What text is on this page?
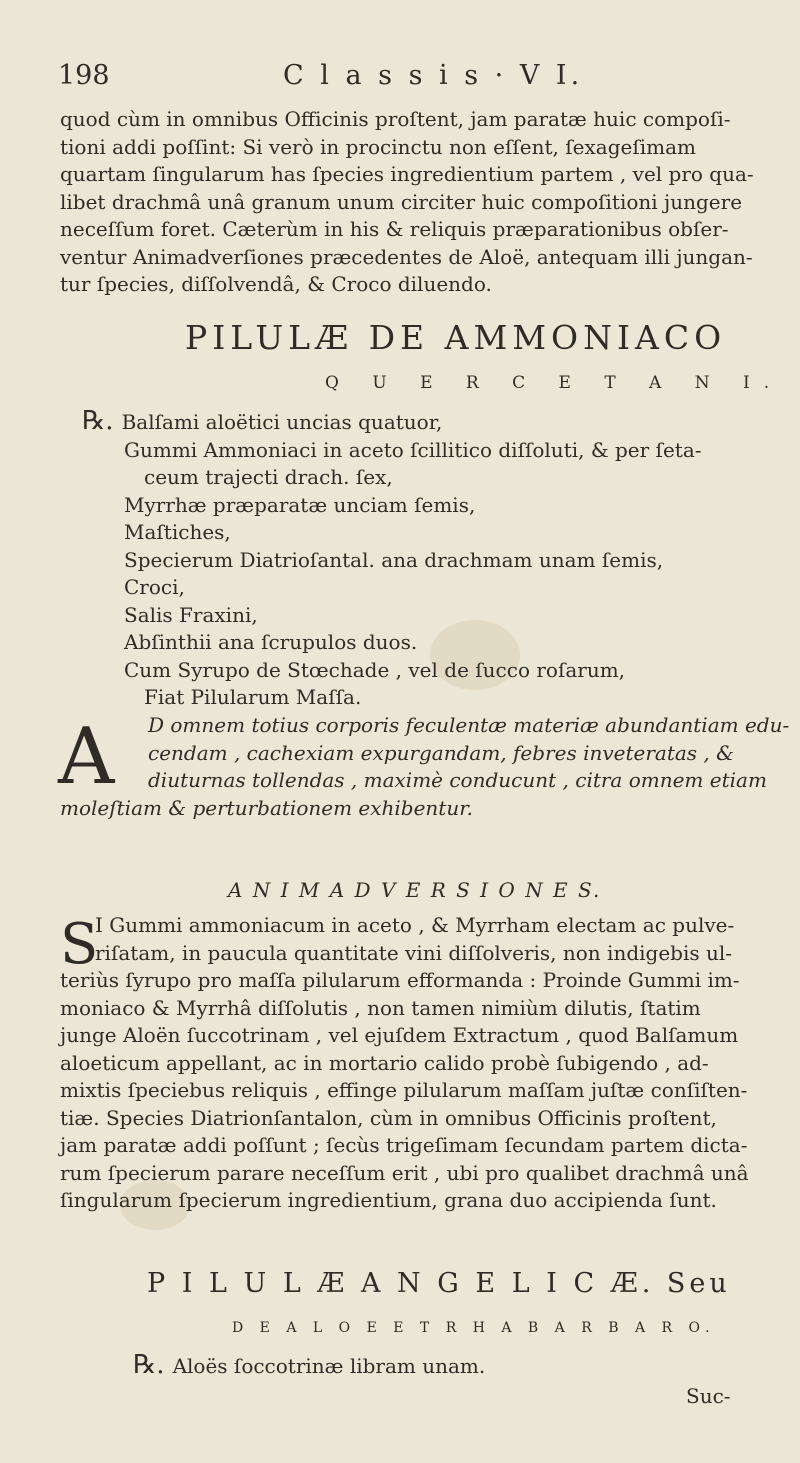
198	C l a s s i s · V I.

quod cùm in omnibus Officinis proſtent, jam paratæ huic compoſi-

tioni addi poſſint: Si verò in procinctu non eſſent, ſexageſimam

quartam ſingularum has ſpecies ingredientium partem , vel pro qua-

libet drachmâ unâ granum unum circiter huic compoſitioni jungere

neceſſum foret. Cæterùm in his & reliquis præparationibus obſer-

ventur Animadverſiones præcedentes de Aloë, antequam illi jungan-

tur ſpecies, diſſolvendâ, & Croco diluendo.

PILULÆ DE AMMONIACO
Q U E R C E T A N I.

℞. Balſami aloëtici uncias quatuor,

Gummi Ammoniaci in aceto ſcillitico diſſoluti, & per ſeta-

ceum trajecti drach. ſex,

Myrrhæ præparatæ unciam ſemis,

Maſtiches,

Specierum Diatrioſantal. ana drachmam unam ſemis,

Croci,

Salis Fraxini,

Abſinthii ana ſcrupulos duos.

Cum Syrupo de Stœchade , vel de ſucco roſarum,

Fiat Pilularum Maſſa.

A D omnem totius corporis feculentæ materiæ abundantiam edu-

cendam , cachexiam expurgandam, febres inveteratas , &

diuturnas tollendas , maximè conducunt , citra omnem etiam

moleſtiam & perturbationem exhibentur.

A N I M A D V E R S I O N E S.
S

I Gummi ammoniacum in aceto , & Myrrham electam ac pulve-

riſatam, in paucula quantitate vini diſſolveris, non indigebis ul-

teriùs ſyrupo pro maſſa pilularum efformanda : Proinde Gummi im-

moniaco & Myrrhâ diſſolutis , non tamen nimiùm dilutis, ſtatim

junge Aloën ſuccotrinam , vel ejuſdem Extractum , quod Balſamum

aloeticum appellant, ac in mortario calido probè ſubigendo , ad-

mixtis ſpeciebus reliquis , effinge pilularum maſſam juſtæ conſiſten-

tiæ. Species Diatrionſantalon, cùm in omnibus Officinis proſtent,

jam paratæ addi poſſunt ; ſecùs trigeſimam ſecundam partem dicta-

rum ſpecierum parare neceſſum erit , ubi pro qualibet drachmâ unâ

ſingularum ſpecierum ingredientium, grana duo accipienda ſunt.

P I L U L Æ A N G E L I C Æ. Seu
D E A L O E E T R H A B A R B A R O.
℞. Aloës ſoccotrinæ libram unam.
Suc-
